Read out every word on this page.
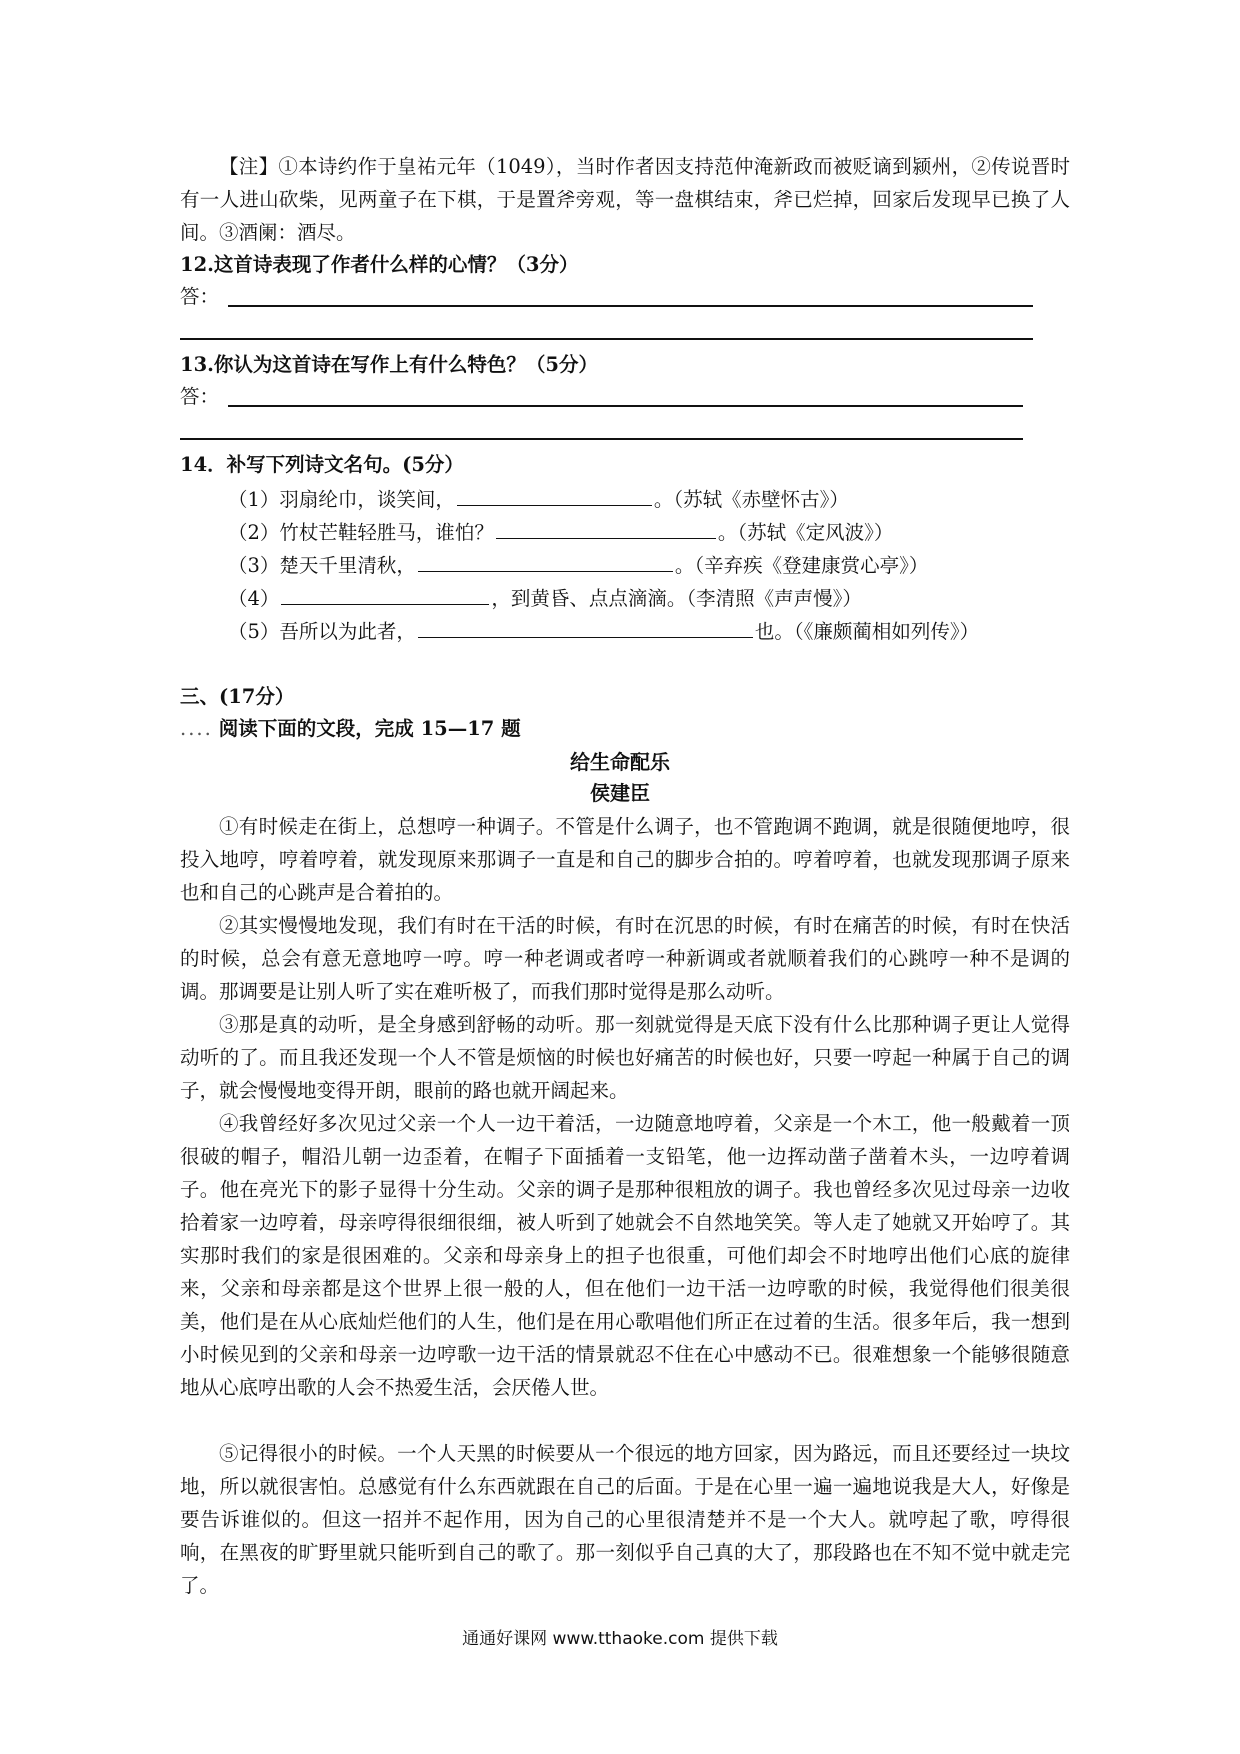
【注】①本诗约作于皇祐元年（1049），当时作者因支持范仲淹新政而被贬谪到颍州，②传说晋时有一人进山砍柴，见两童子在下棋，于是置斧旁观，等一盘棋结束，斧已烂掉，回家后发现早已换了人间。③酒阑：酒尽。

12.这首诗表现了作者什么样的心情？（3分）
答：
13.你认为这首诗在写作上有什么特色？（5分）
答：
14．补写下列诗文名句。(5分）
（1）羽扇纶巾，谈笑间，	。（苏轼《赤壁怀古》）
（2）竹杖芒鞋轻胜马，谁怕？	。（苏轼《定风波》）
（3）楚天千里清秋，	。（辛弃疾《登建康赏心亭》）
（4）	，到黄昏、点点滴滴。（李清照《声声慢》）
（5）吾所以为此者，	也。（《廉颇蔺相如列传》）
三、(17分）
.... 阅读下面的文段，完成 15—17 题
给生命配乐
侯建臣

①有时候走在街上，总想哼一种调子。不管是什么调子，也不管跑调不跑调，就是很随便地哼，很投入地哼，哼着哼着，就发现原来那调子一直是和自己的脚步合拍的。哼着哼着，也就发现那调子原来也和自己的心跳声是合着拍的。

②其实慢慢地发现，我们有时在干活的时候，有时在沉思的时候，有时在痛苦的时候，有时在快活的时候，总会有意无意地哼一哼。哼一种老调或者哼一种新调或者就顺着我们的心跳哼一种不是调的调。那调要是让别人听了实在难听极了，而我们那时觉得是那么动听。

③那是真的动听，是全身感到舒畅的动听。那一刻就觉得是天底下没有什么比那种调子更让人觉得动听的了。而且我还发现一个人不管是烦恼的时候也好痛苦的时候也好，只要一哼起一种属于自己的调子，就会慢慢地变得开朗，眼前的路也就开阔起来。

④我曾经好多次见过父亲一个人一边干着活，一边随意地哼着，父亲是一个木工，他一般戴着一顶很破的帽子，帽沿儿朝一边歪着，在帽子下面插着一支铅笔，他一边挥动凿子凿着木头，一边哼着调子。他在亮光下的影子显得十分生动。父亲的调子是那种很粗放的调子。我也曾经多次见过母亲一边收拾着家一边哼着，母亲哼得很细很细，被人听到了她就会不自然地笑笑。等人走了她就又开始哼了。其实那时我们的家是很困难的。父亲和母亲身上的担子也很重，可他们却会不时地哼出他们心底的旋律来，父亲和母亲都是这个世界上很一般的人，但在他们一边干活一边哼歌的时候，我觉得他们很美很美，他们是在从心底灿烂他们的人生，他们是在用心歌唱他们所正在过着的生活。很多年后，我一想到小时候见到的父亲和母亲一边哼歌一边干活的情景就忍不住在心中感动不已。很难想象一个能够很随意地从心底哼出歌的人会不热爱生活，会厌倦人世。

⑤记得很小的时候。一个人天黑的时候要从一个很远的地方回家，因为路远，而且还要经过一块坟地，所以就很害怕。总感觉有什么东西就跟在自己的后面。于是在心里一遍一遍地说我是大人，好像是要告诉谁似的。但这一招并不起作用，因为自己的心里很清楚并不是一个大人。就哼起了歌，哼得很响，在黑夜的旷野里就只能听到自己的歌了。那一刻似乎自己真的大了，那段路也在不知不觉中就走完了。

通通好课网 www.tthaoke.com 提供下载
